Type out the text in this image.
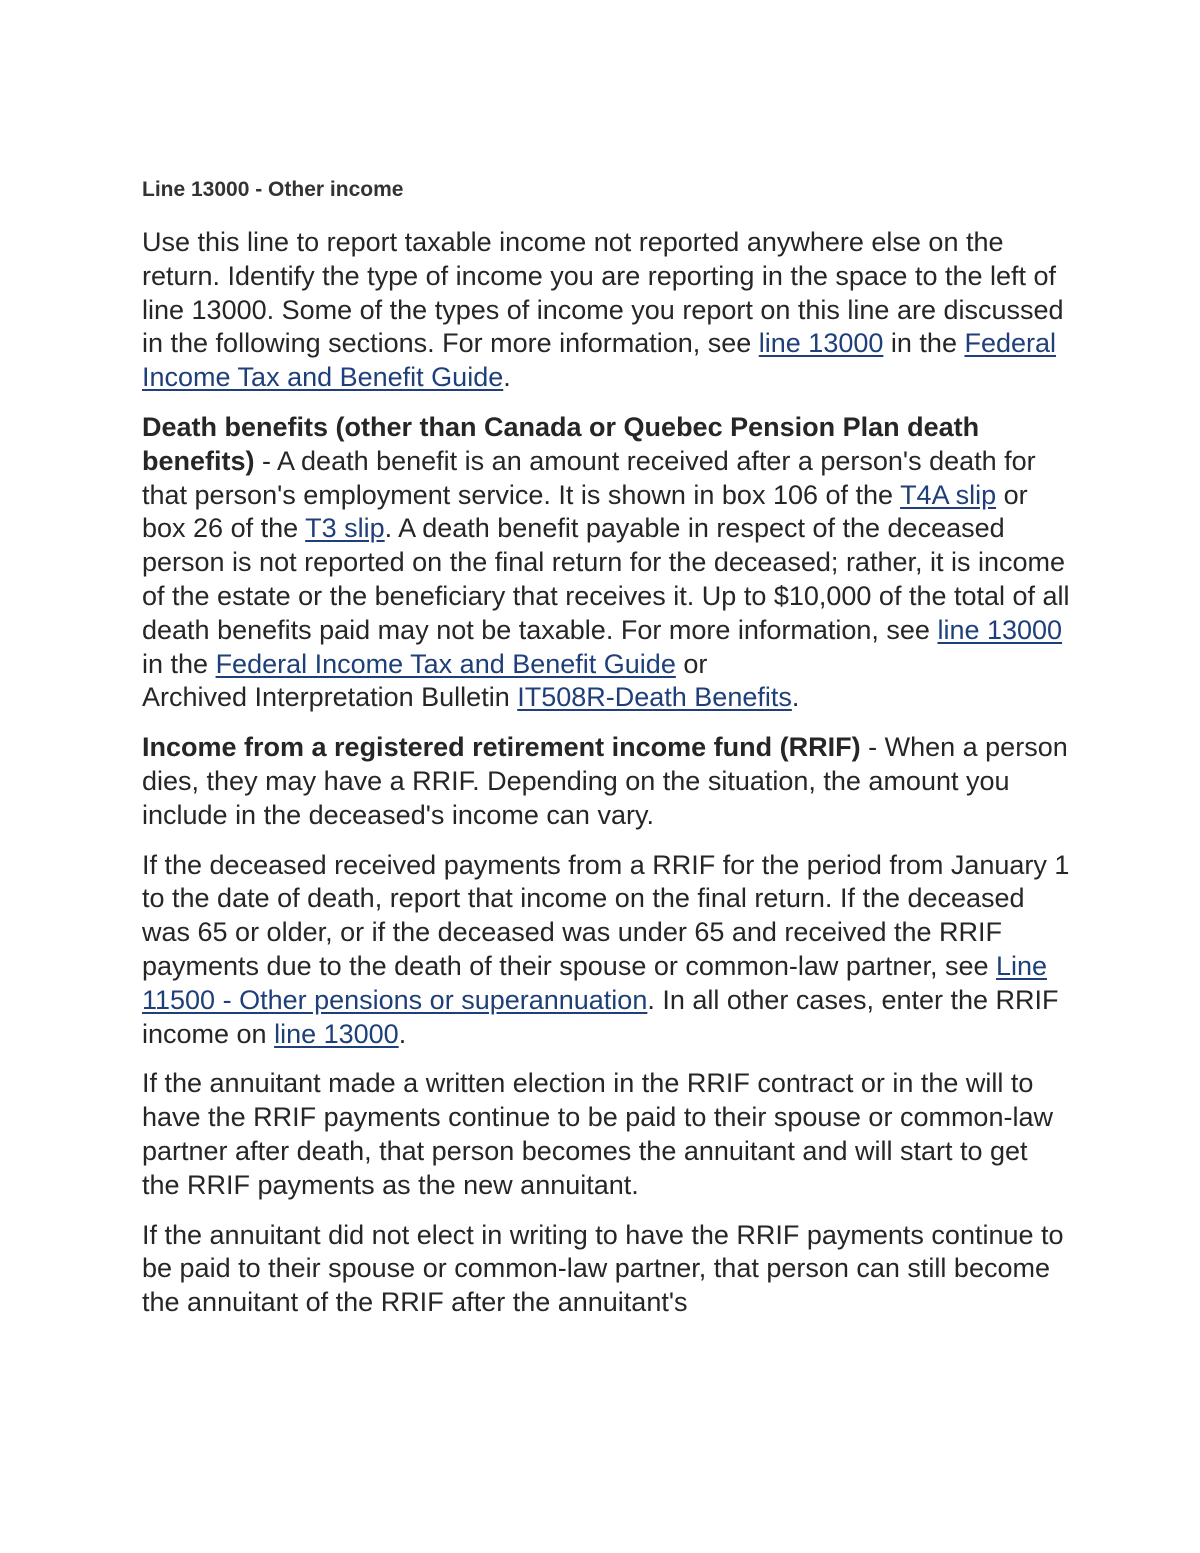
Line 13000 - Other income

Use this line to report taxable income not reported anywhere else on the return. Identify the type of income you are reporting in the space to the left of line 13000. Some of the types of income you report on this line are discussed in the following sections. For more information, see line 13000 in the Federal Income Tax and Benefit Guide.

Death benefits (other than Canada or Quebec Pension Plan death benefits) - A death benefit is an amount received after a person's death for that person's employment service. It is shown in box 106 of the T4A slip or box 26 of the T3 slip. A death benefit payable in respect of the deceased person is not reported on the final return for the deceased; rather, it is income of the estate or the beneficiary that receives it. Up to $10,000 of the total of all death benefits paid may not be taxable. For more information, see line 13000 in the Federal Income Tax and Benefit Guide or
Archived Interpretation Bulletin IT508R-Death Benefits.

Income from a registered retirement income fund (RRIF) - When a person dies, they may have a RRIF. Depending on the situation, the amount you include in the deceased's income can vary.

If the deceased received payments from a RRIF for the period from January 1 to the date of death, report that income on the final return. If the deceased was 65 or older, or if the deceased was under 65 and received the RRIF payments due to the death of their spouse or common-law partner, see Line 11500 - Other pensions or superannuation. In all other cases, enter the RRIF income on line 13000.

If the annuitant made a written election in the RRIF contract or in the will to have the RRIF payments continue to be paid to their spouse or common-law partner after death, that person becomes the annuitant and will start to get the RRIF payments as the new annuitant.

If the annuitant did not elect in writing to have the RRIF payments continue to be paid to their spouse or common-law partner, that person can still become the annuitant of the RRIF after the annuitant's
